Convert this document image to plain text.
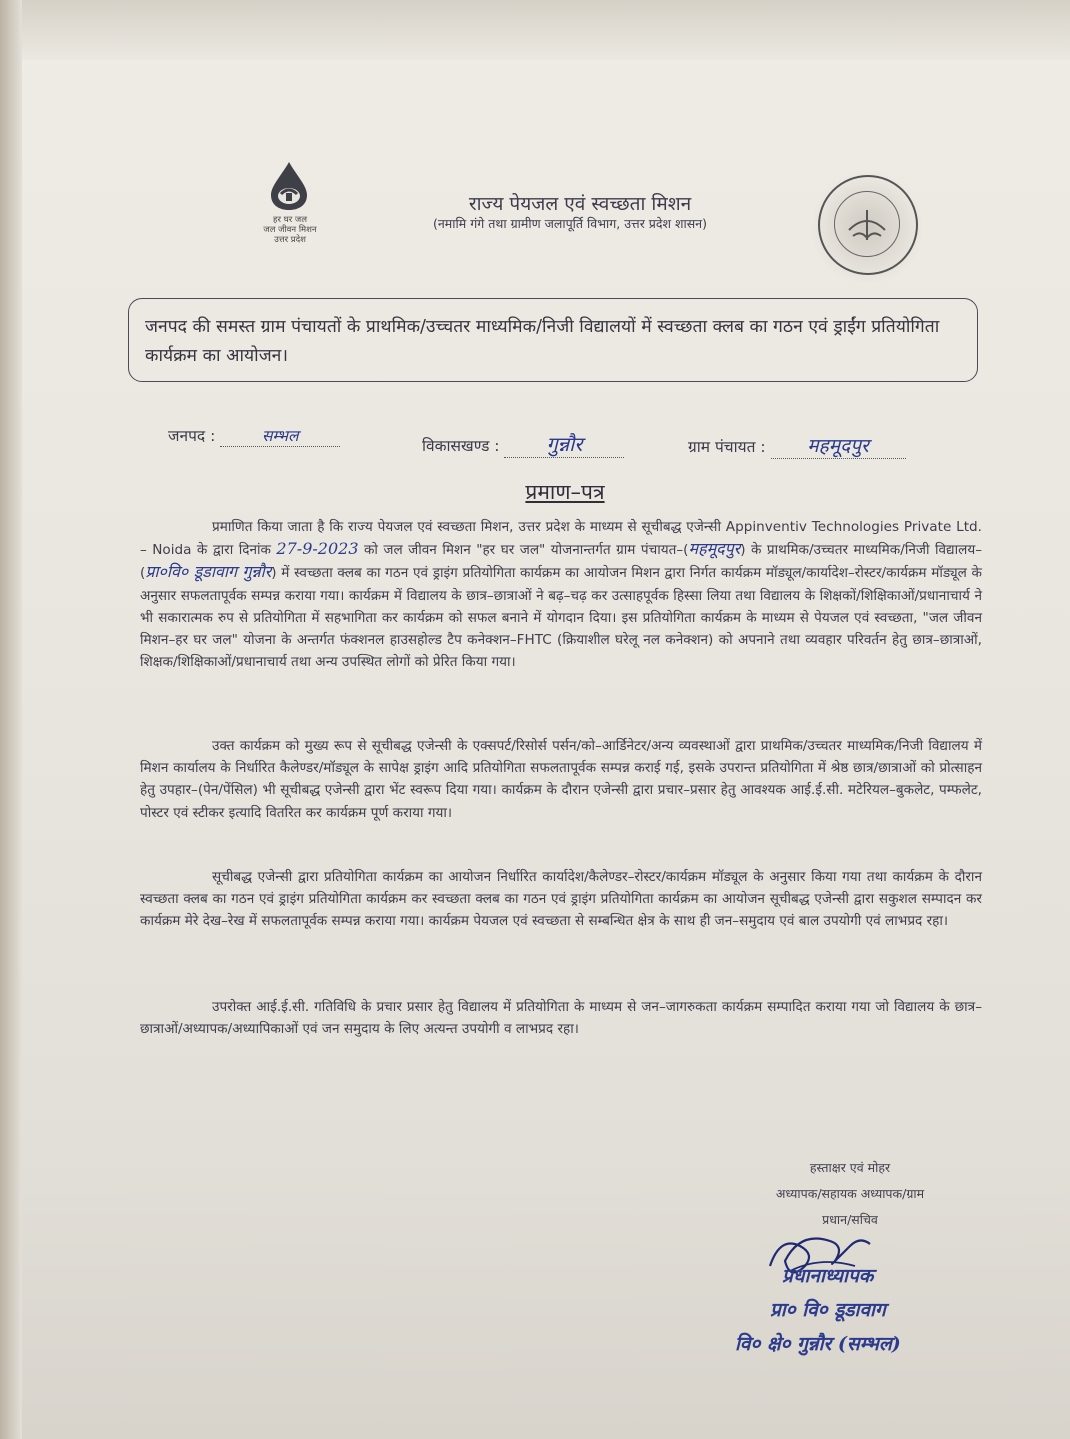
हर घर जल
जल जीवन मिशन
उत्तर प्रदेश
राज्य पेयजल एवं स्वच्छता मिशन
(नमामि गंगे तथा ग्रामीण जलापूर्ति विभाग, उत्तर प्रदेश शासन)
जनपद की समस्त ग्राम पंचायतों के प्राथमिक/उच्चतर माध्यमिक/निजी विद्यालयों में स्वच्छता क्लब का गठन एवं ड्राईंग प्रतियोगिता कार्यक्रम का आयोजन।
जनपद :	सम्भल
विकासखण्ड : गुन्नौर	ग्राम पंचायत : महमूदपुर
प्रमाण–पत्र
प्रमाणित किया जाता है कि राज्य पेयजल एवं स्वच्छता मिशन, उत्तर प्रदेश के माध्यम से सूचीबद्ध एजेन्सी Appinventiv Technologies Private Ltd. – Noida के द्वारा दिनांक 27-9-2023 को जल जीवन मिशन "हर घर जल" योजनान्तर्गत ग्राम पंचायत–(महमूदपुर) के प्राथमिक/उच्चतर माध्यमिक/निजी विद्यालय–(प्रा०वि० डूडावाग गुन्नौर) में स्वच्छता क्लब का गठन एवं ड्राइंग प्रतियोगिता कार्यक्रम का आयोजन मिशन द्वारा निर्गत कार्यक्रम मॉड्यूल/कार्यादेश–रोस्टर/कार्यक्रम मॉड्यूल के अनुसार सफलतापूर्वक सम्पन्न कराया गया। कार्यक्रम में विद्यालय के छात्र–छात्राओं ने बढ़–चढ़ कर उत्साहपूर्वक हिस्सा लिया तथा विद्यालय के शिक्षकों/शिक्षिकाओं/प्रधानाचार्य ने भी सकारात्मक रुप से प्रतियोगिता में सहभागिता कर कार्यक्रम को सफल बनाने में योगदान दिया। इस प्रतियोगिता कार्यक्रम के माध्यम से पेयजल एवं स्वच्छता, "जल जीवन मिशन–हर घर जल" योजना के अन्तर्गत फंक्शनल हाउसहोल्ड टैप कनेक्शन–FHTC (क्रियाशील घरेलू नल कनेक्शन) को अपनाने तथा व्यवहार परिवर्तन हेतु छात्र–छात्राओं, शिक्षक/शिक्षिकाओं/प्रधानाचार्य तथा अन्य उपस्थित लोगों को प्रेरित किया गया।
उक्त कार्यक्रम को मुख्य रूप से सूचीबद्ध एजेन्सी के एक्सपर्ट/रिसोर्स पर्सन/को–आर्डिनेटर/अन्य व्यवस्थाओं द्वारा प्राथमिक/उच्चतर माध्यमिक/निजी विद्यालय में मिशन कार्यालय के निर्धारित कैलेण्डर/मॉड्यूल के सापेक्ष ड्राइंग आदि प्रतियोगिता सफलतापूर्वक सम्पन्न कराई गई, इसके उपरान्त प्रतियोगिता में श्रेष्ठ छात्र/छात्राओं को प्रोत्साहन हेतु उपहार–(पेन/पेंसिल) भी सूचीबद्ध एजेन्सी द्वारा भेंट स्वरूप दिया गया। कार्यक्रम के दौरान एजेन्सी द्वारा प्रचार–प्रसार हेतु आवश्यक आई.ई.सी. मटेरियल–बुकलेट, पम्फलेट, पोस्टर एवं स्टीकर इत्यादि वितरित कर कार्यक्रम पूर्ण कराया गया।
सूचीबद्ध एजेन्सी द्वारा प्रतियोगिता कार्यक्रम का आयोजन निर्धारित कार्यादेश/कैलेण्डर–रोस्टर/कार्यक्रम मॉड्यूल के अनुसार किया गया तथा कार्यक्रम के दौरान स्वच्छता क्लब का गठन एवं ड्राइंग प्रतियोगिता कार्यक्रम कर स्वच्छता क्लब का गठन एवं ड्राइंग प्रतियोगिता कार्यक्रम का आयोजन सूचीबद्ध एजेन्सी द्वारा सकुशल सम्पादन कर कार्यक्रम मेरे देख–रेख में सफलतापूर्वक सम्पन्न कराया गया। कार्यक्रम पेयजल एवं स्वच्छता से सम्बन्धित क्षेत्र के साथ ही जन–समुदाय एवं बाल उपयोगी एवं लाभप्रद रहा।
उपरोक्त आई.ई.सी. गतिविधि के प्रचार प्रसार हेतु विद्यालय में प्रतियोगिता के माध्यम से जन–जागरुकता कार्यक्रम सम्पादित कराया गया जो विद्यालय के छात्र–छात्राओं/अध्यापक/अध्यापिकाओं एवं जन समुदाय के लिए अत्यन्त उपयोगी व लाभप्रद रहा।
हस्ताक्षर एवं मोहर
अध्यापक/सहायक अध्यापक/ग्राम
प्रधान/सचिव
प्रधानाध्यापक
प्रा० वि० डूडावाग
वि० क्षे० गुन्नौर (सम्भल)
